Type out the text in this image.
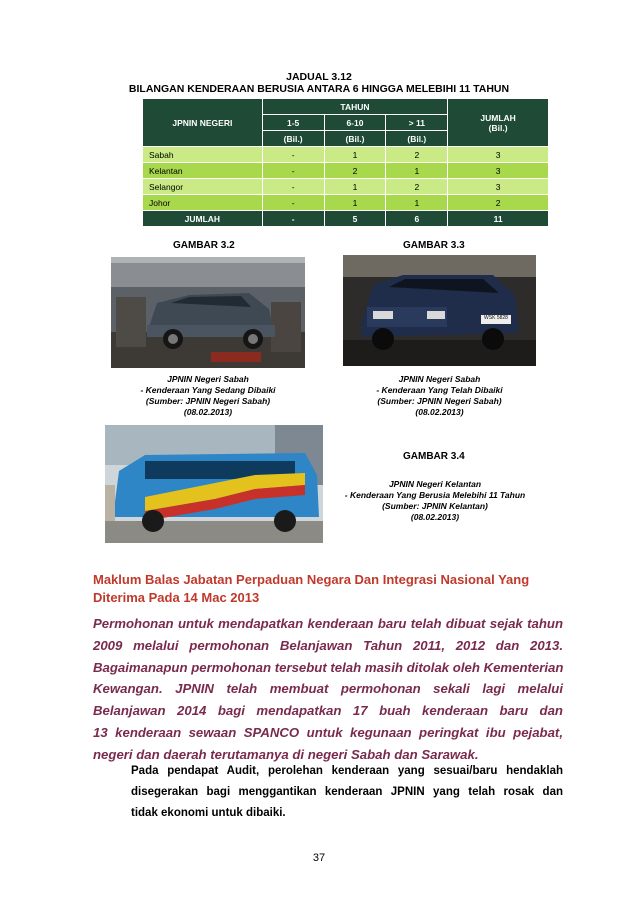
JADUAL 3.12
BILANGAN KENDERAAN BERUSIA ANTARA 6 HINGGA MELEBIHI 11 TAHUN
JPNIN NEGERI	TAHUN			JUMLAH
(Bil.)

	1-5	6-10	> 11	
	(Bil.)	(Bil.)	(Bil.)	
Sabah	-	1	2	3
Kelantan	-	2	1	3
Selangor	-	1	2	3
Johor	-	1	1	2
JUMLAH	-	5	6	11
GAMBAR 3.2
JPNIN Negeri Sabah
- Kenderaan Yang Sedang Dibaiki
(Sumber: JPNIN Negeri Sabah)
(08.02.2013)
GAMBAR 3.3
WSK 5828
JPNIN Negeri Sabah
- Kenderaan Yang Telah Dibaiki
(Sumber: JPNIN Negeri Sabah)
(08.02.2013)
GAMBAR 3.4
JPNIN Negeri Kelantan
- Kenderaan Yang Berusia Melebihi 11 Tahun
(Sumber: JPNIN Kelantan)
(08.02.2013)
Maklum Balas Jabatan Perpaduan Negara Dan Integrasi Nasional Yang
Diterima Pada 14 Mac 2013
Permohonan untuk mendapatkan kenderaan baru telah dibuat sejak tahun
2009 melalui permohonan Belanjawan Tahun 2011, 2012 dan 2013.
Bagaimanapun permohonan tersebut telah masih ditolak oleh Kementerian
Kewangan. JPNIN telah membuat permohonan sekali lagi melalui
Belanjawan 2014 bagi mendapatkan 17 buah kenderaan baru dan
13 kenderaan sewaan SPANCO untuk kegunaan peringkat ibu pejabat,
negeri dan daerah terutamanya di negeri Sabah dan Sarawak.
Pada pendapat Audit, perolehan kenderaan yang sesuai/baru hendaklah
disegerakan bagi menggantikan kenderaan JPNIN yang telah rosak dan
tidak ekonomi untuk dibaiki.
37
